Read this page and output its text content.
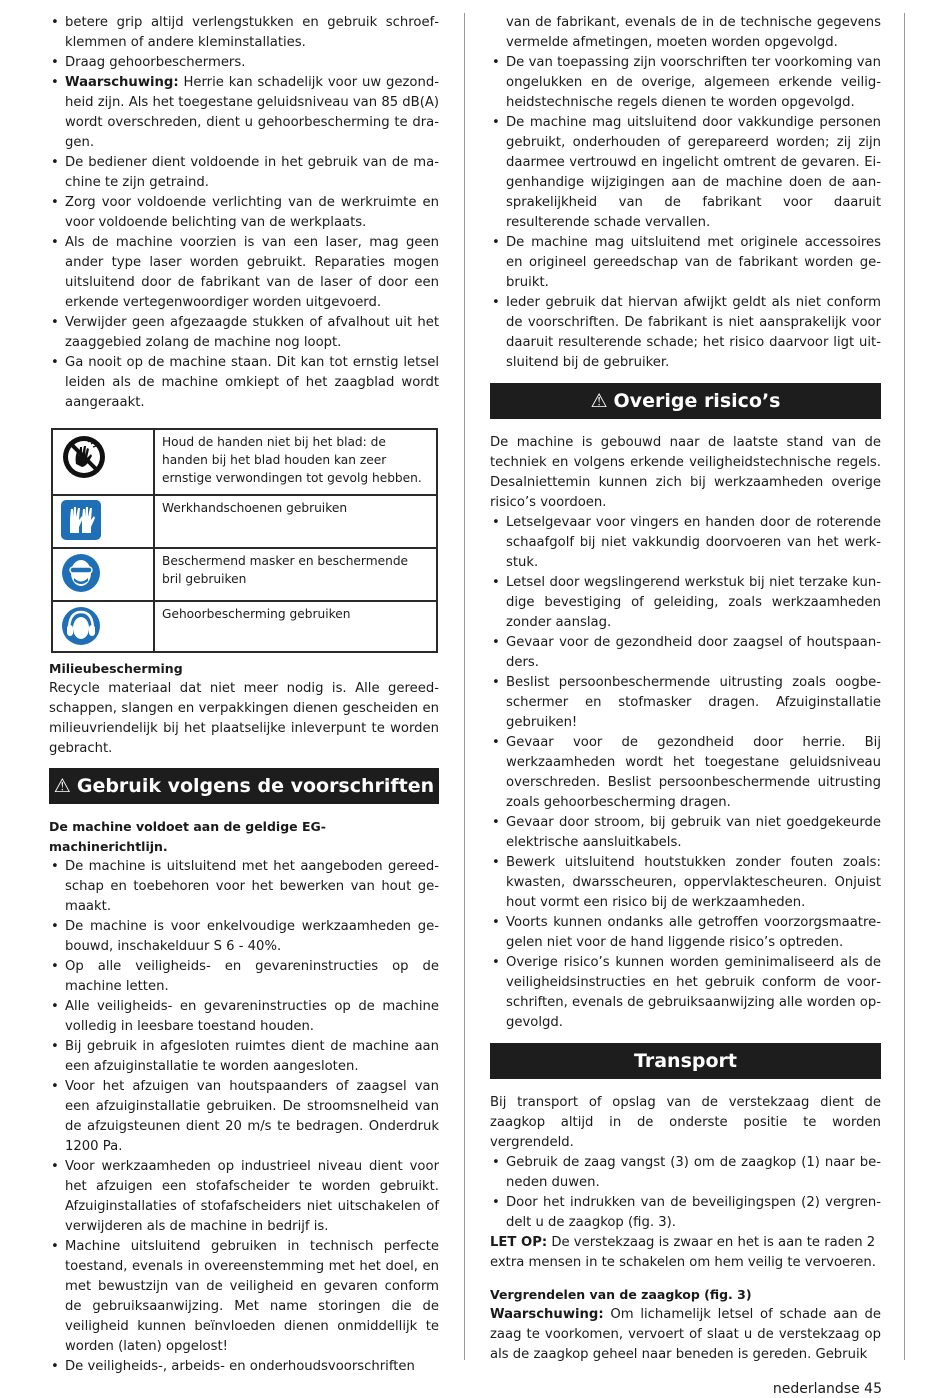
• betere grip altijd verlengstukken en gebruik schroefklemmen of andere kleminstallaties.
• Draag gehoorbeschermers.
• Waarschuwing: Herrie kan schadelijk voor uw gezondheid zijn. Als het toegestane geluidsniveau van 85 dB(A) wordt overschreden, dient u gehoorbescherming te dragen.
• De bediener dient voldoende in het gebruik van de machine te zijn getraind.
• Zorg voor voldoende verlichting van de werkruimte en voor voldoende belichting van de werkplaats.
• Als de machine voorzien is van een laser, mag geen ander type laser worden gebruikt. Reparaties mogen uitsluitend door de fabrikant van de laser of door een erkende vertegenwoordiger worden uitgevoerd.
• Verwijder geen afgezaagde stukken of afvalhout uit het zaaggebied zolang de machine nog loopt.
• Ga nooit op de machine staan. Dit kan tot ernstig letsel leiden als de machine omkiept of het zaagblad wordt aangeraakt.
	Houd de handen niet bij het blad: de handen bij het blad houden kan zeer ernstige verwondingen tot gevolg hebben.

	Werkhandschoenen gebruiken

	Beschermend masker en beschermende bril gebruiken

	Gehoorbescherming gebruiken
Milieubescherming

Recycle materiaal dat niet meer nodig is. Alle gereedschappen, slangen en verpakkingen dienen gescheiden en milieuvriendelijk bij het plaatselijke inleverpunt te worden gebracht.

⚠ Gebruik volgens de voorschriften
De machine voldoet aan de geldige EG-machinerichtlijn.
• De machine is uitsluitend met het aangeboden gereedschap en toebehoren voor het bewerken van hout gemaakt.
• De machine is voor enkelvoudige werkzaamheden gebouwd, inschakelduur S 6 - 40%.
• Op alle veiligheids- en gevareninstructies op de machine letten.
• Alle veiligheids- en gevareninstructies op de machine volledig in leesbare toestand houden.
• Bij gebruik in afgesloten ruimtes dient de machine aan een afzuiginstallatie te worden aangesloten.
• Voor het afzuigen van houtspaanders of zaagsel van een afzuiginstallatie gebruiken. De stroomsnelheid van de afzuigsteunen dient 20 m/s te bedragen. Onderdruk 1200 Pa.
• Voor werkzaamheden op industrieel niveau dient voor het afzuigen een stofafscheider te worden gebruikt. Afzuiginstallaties of stofafscheiders niet uitschakelen of verwijderen als de machine in bedrijf is.
• Machine uitsluitend gebruiken in technisch perfecte toestand, evenals in overeenstemming met het doel, en met bewustzijn van de veiligheid en gevaren conform de gebruiksaanwijzing. Met name storingen die de veiligheid kunnen beïnvloeden dienen onmiddellijk te worden (laten) opgelost!
• De veiligheids-, arbeids- en onderhoudsvoorschriften

van de fabrikant, evenals de in de technische gegevens vermelde afmetingen, moeten worden opgevolgd.

• De van toepassing zijn voorschriften ter voorkoming van ongelukken en de overige, algemeen erkende veiligheidstechnische regels dienen te worden opgevolgd.
• De machine mag uitsluitend door vakkundige personen gebruikt, onderhouden of gerepareerd worden; zij zijn daarmee vertrouwd en ingelicht omtrent de gevaren. Eigenhandige wijzigingen aan de machine doen de aansprakelijkheid van de fabrikant voor daaruit resulterende schade vervallen.
• De machine mag uitsluitend met originele accessoires en origineel gereedschap van de fabrikant worden gebruikt.
• Ieder gebruik dat hiervan afwijkt geldt als niet conform de voorschriften. De fabrikant is niet aansprakelijk voor daaruit resulterende schade; het risico daarvoor ligt uitsluitend bij de gebruiker.
⚠ Overige risico’s

De machine is gebouwd naar de laatste stand van de techniek en volgens erkende veiligheidstechnische regels. Desalniettemin kunnen zich bij werkzaamheden overige risico’s voordoen.

• Letselgevaar voor vingers en handen door de roterende schaafgolf bij niet vakkundig doorvoeren van het werkstuk.
• Letsel door wegslingerend werkstuk bij niet terzake kundige bevestiging of geleiding, zoals werkzaamheden zonder aanslag.
• Gevaar voor de gezondheid door zaagsel of houtspaanders.
• Beslist persoonbeschermende uitrusting zoals oogbeschermer en stofmasker dragen. Afzuiginstallatie gebruiken!
• Gevaar voor de gezondheid door herrie. Bij werkzaamheden wordt het toegestane geluidsniveau overschreden. Beslist persoonbeschermende uitrusting zoals gehoorbescherming dragen.
• Gevaar door stroom, bij gebruik van niet goedgekeurde elektrische aansluitkabels.
• Bewerk uitsluitend houtstukken zonder fouten zoals: kwasten, dwarsscheuren, oppervlaktescheuren. Onjuist hout vormt een risico bij de werkzaamheden.
• Voorts kunnen ondanks alle getroffen voorzorgsmaatregelen niet voor de hand liggende risico’s optreden.
• Overige risico’s kunnen worden geminimaliseerd als de veiligheidsinstructies en het gebruik conform de voorschriften, evenals de gebruiksaanwijzing alle worden opgevolgd.
Transport

Bij transport of opslag van de verstekzaag dient de zaagkop altijd in de onderste positie te worden vergrendeld.

• Gebruik de zaag vangst (3) om de zaagkop (1) naar beneden duwen.
• Door het indrukken van de beveiligingspen (2) vergrendelt u de zaagkop (fig. 3).

LET OP: De verstekzaag is zwaar en het is aan te raden 2 extra mensen in te schakelen om hem veilig te vervoeren.

Vergrendelen van de zaagkop (fig. 3)

Waarschuwing: Om lichamelijk letsel of schade aan de zaag te voorkomen, vervoert of slaat u de verstekzaag op als de zaagkop geheel naar beneden is gereden. Gebruik

nederlandse 45
